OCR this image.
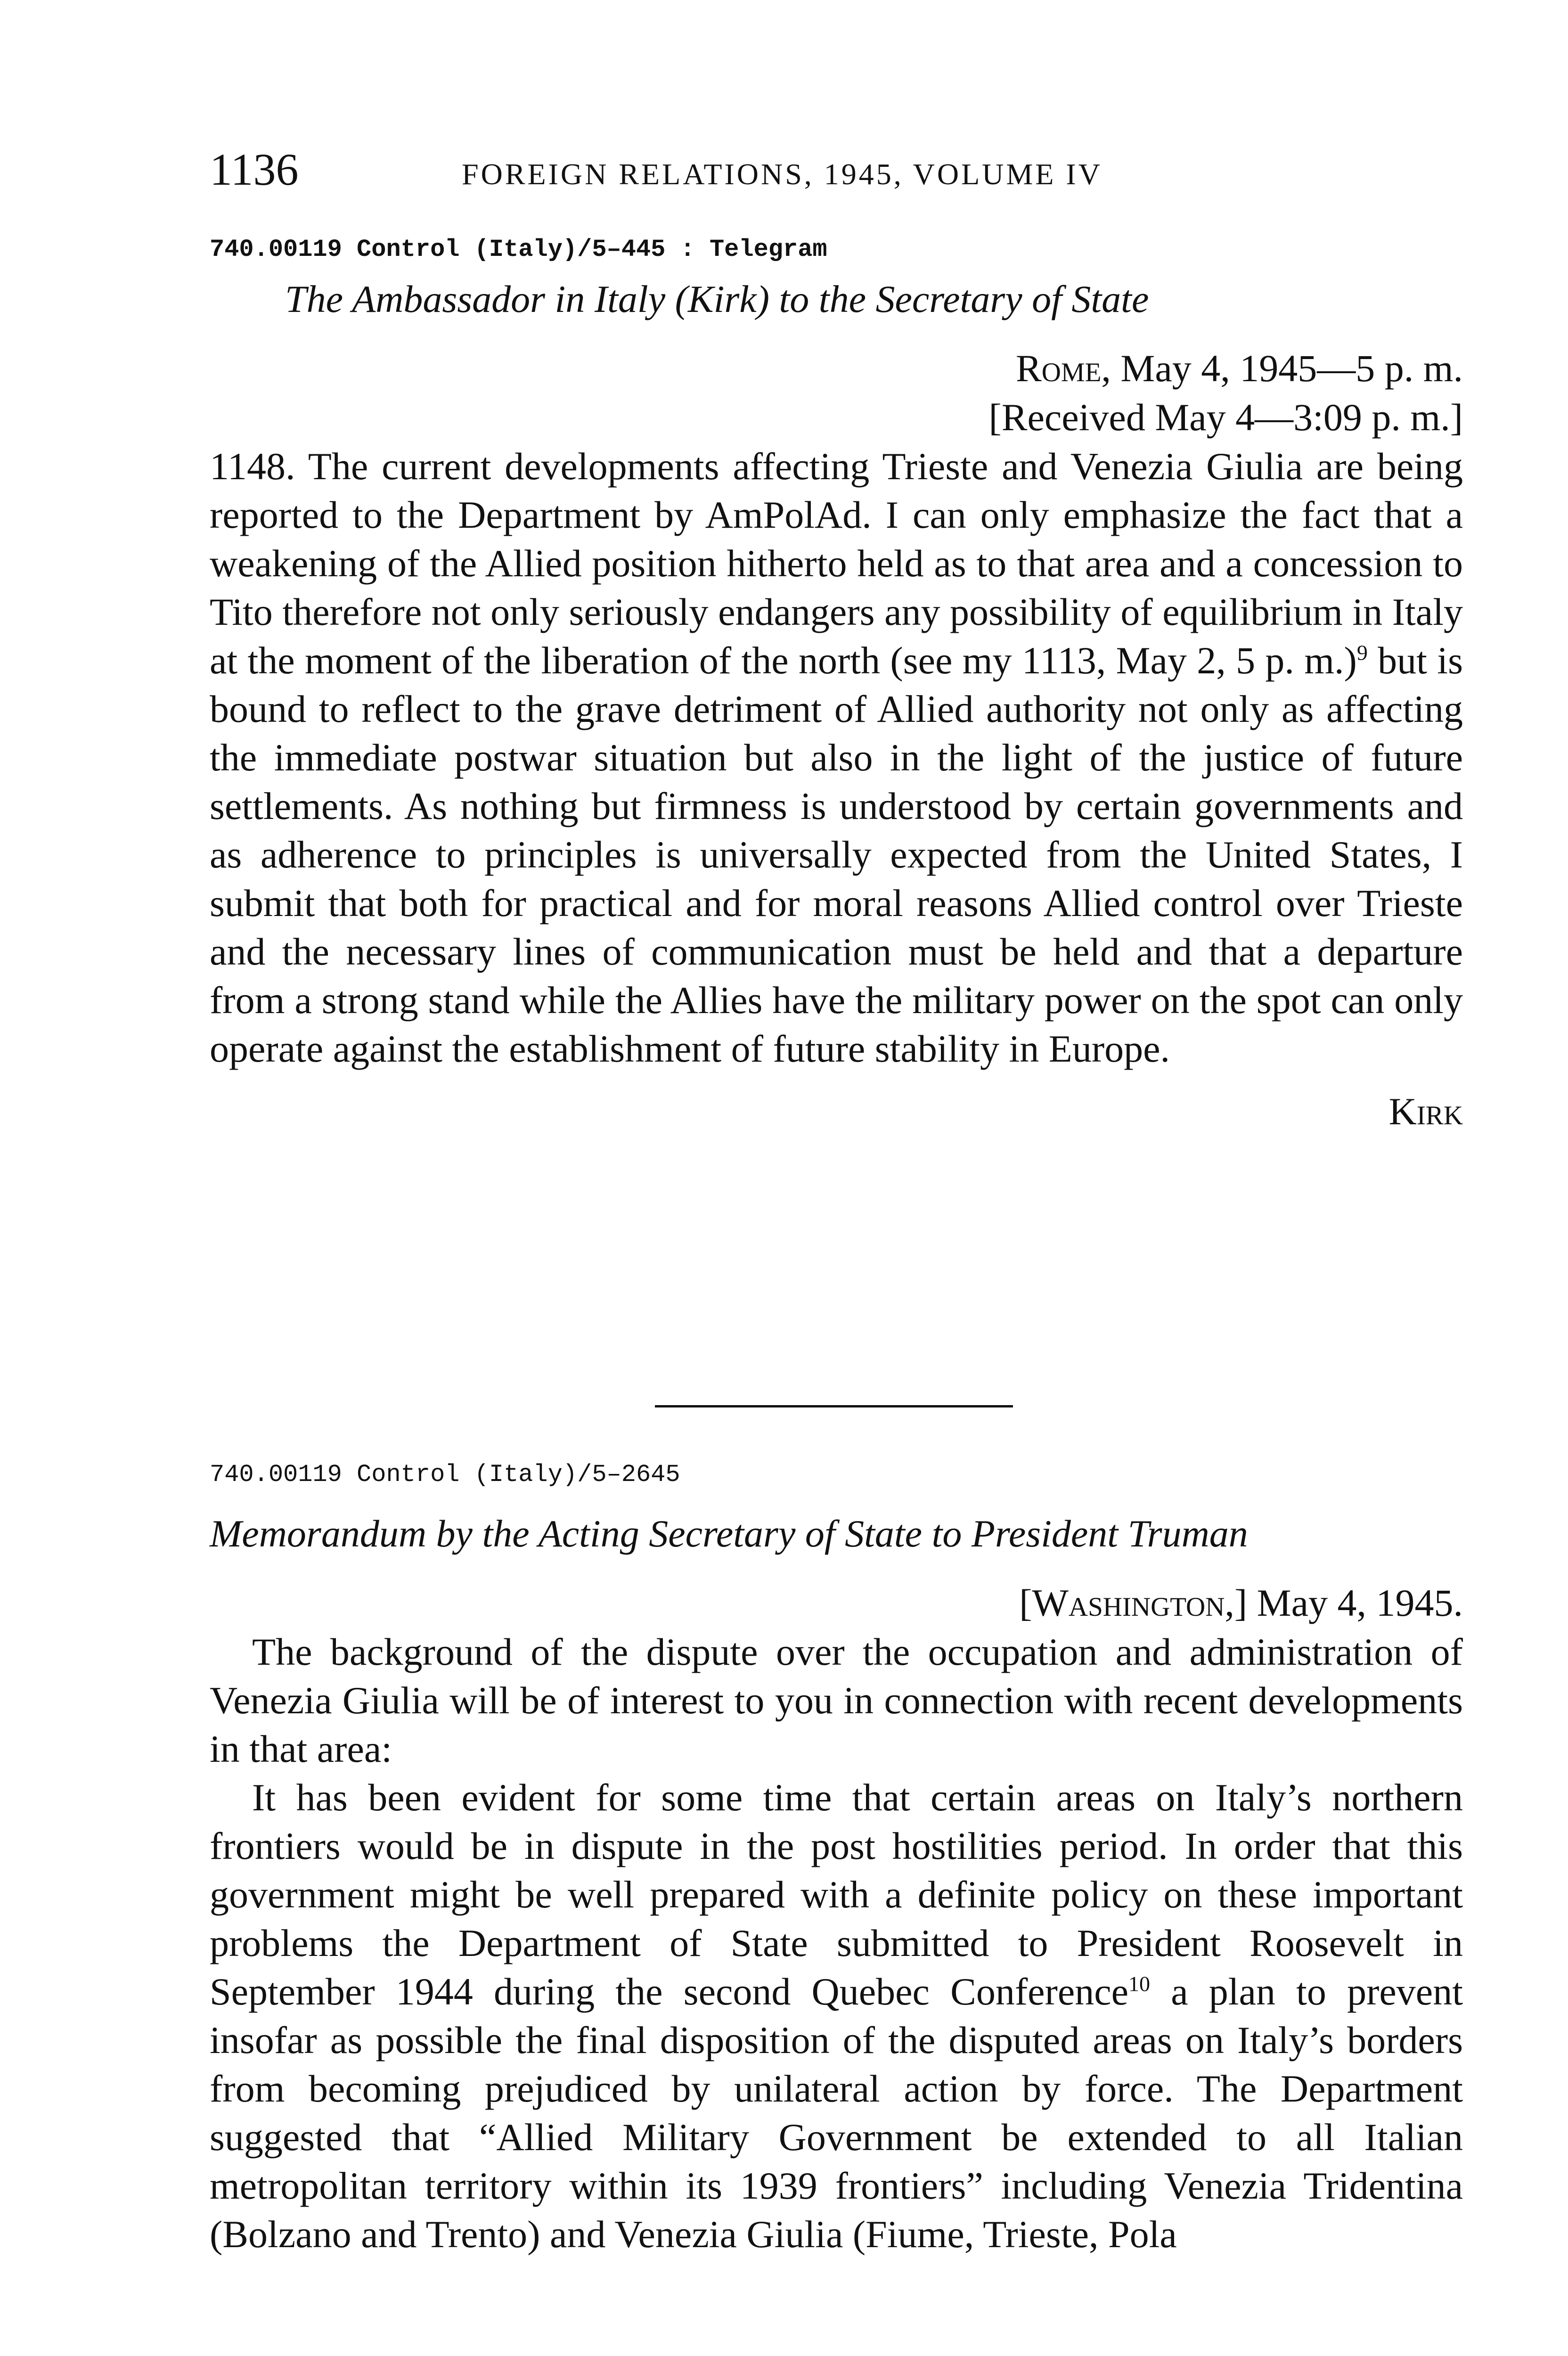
1136	FOREIGN RELATIONS, 1945, VOLUME IV

740.00119 Control (Italy)/5–445 : Telegram

The Ambassador in Italy (Kirk) to the Secretary of State

Rome, May 4, 1945—5 p. m.

[Received May 4—3:09 p. m.]

1148. The current developments affecting Trieste and Venezia Giulia are being reported to the Department by AmPolAd. I can only emphasize the fact that a weakening of the Allied position hitherto held as to that area and a concession to Tito therefore not only seriously endangers any possibility of equilibrium in Italy at the moment of the liberation of the north (see my 1113, May 2, 5 p. m.)$^9$ but is bound to reflect to the grave detriment of Allied authority not only as affecting the immediate postwar situation but also in the light of the justice of future settlements. As nothing but firmness is understood by certain governments and as adherence to principles is universally expected from the United States, I submit that both for practical and for moral reasons Allied control over Trieste and the necessary lines of communication must be held and that a departure from a strong stand while the Allies have the military power on the spot can only operate against the establishment of future stability in Europe.

Kirk

740.00119 Control (Italy)/5–2645

Memorandum by the Acting Secretary of State to President Truman

[Washington,] May 4, 1945.

The background of the dispute over the occupation and administration of Venezia Giulia will be of interest to you in connection with recent developments in that area:

It has been evident for some time that certain areas on Italy’s northern frontiers would be in dispute in the post hostilities period. In order that this government might be well prepared with a definite policy on these important problems the Department of State submitted to President Roosevelt in September 1944 during the second Quebec Conference$^{10}$ a plan to prevent insofar as possible the final disposition of the disputed areas on Italy’s borders from becoming prejudiced by unilateral action by force. The Department suggested that “Allied Military Government be extended to all Italian metropolitan territory within its 1939 frontiers” including Venezia Tridentina (Bolzano and Trento) and Venezia Giulia (Fiume, Trieste, Pola
